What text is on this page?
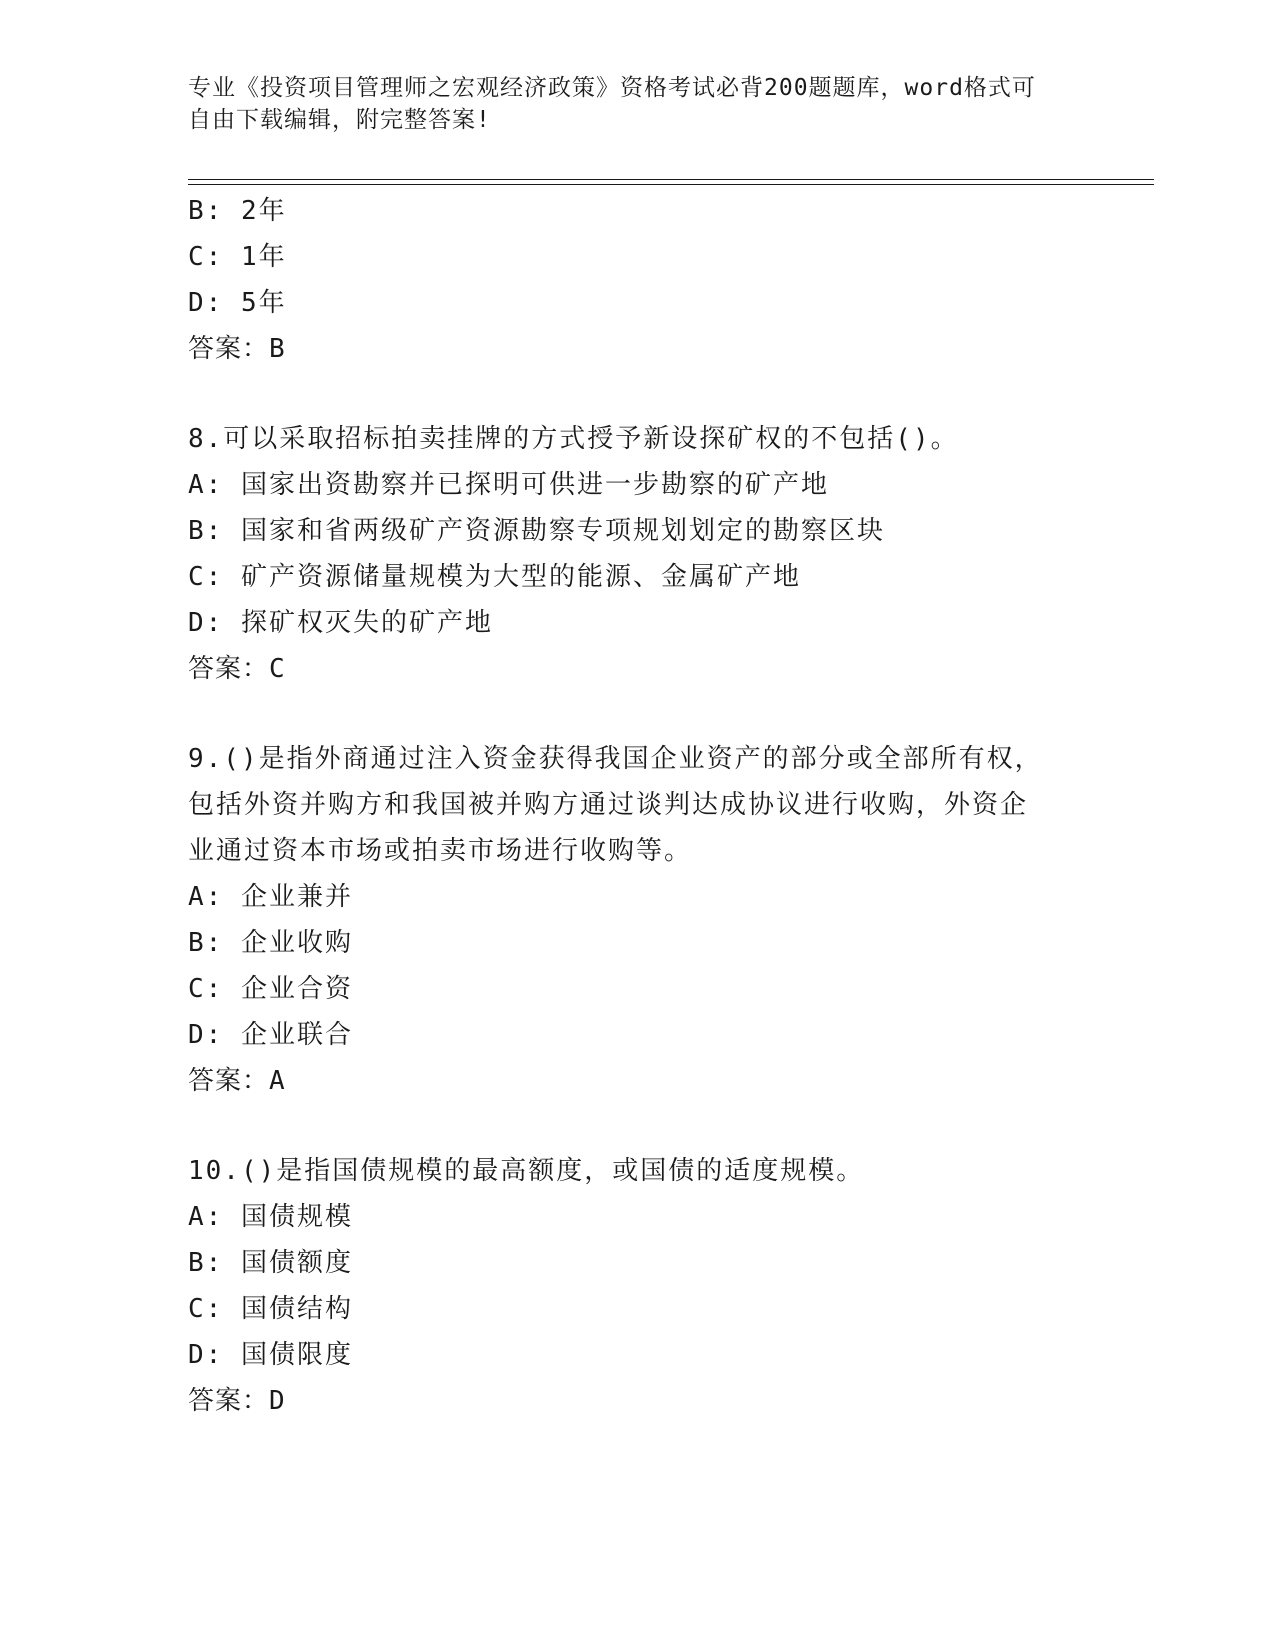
专业《投资项目管理师之宏观经济政策》资格考试必背200题题库，word格式可
自由下载编辑，附完整答案!
B: 2年
C: 1年
D: 5年
答案：B
8.可以采取招标拍卖挂牌的方式授予新设探矿权的不包括()。
A: 国家出资勘察并已探明可供进一步勘察的矿产地
B: 国家和省两级矿产资源勘察专项规划划定的勘察区块
C: 矿产资源储量规模为大型的能源、金属矿产地
D: 探矿权灭失的矿产地
答案：C
9.()是指外商通过注入资金获得我国企业资产的部分或全部所有权，
包括外资并购方和我国被并购方通过谈判达成协议进行收购，外资企
业通过资本市场或拍卖市场进行收购等。
A: 企业兼并
B: 企业收购
C: 企业合资
D: 企业联合
答案：A
10.()是指国债规模的最高额度，或国债的适度规模。
A: 国债规模
B: 国债额度
C: 国债结构
D: 国债限度
答案：D
